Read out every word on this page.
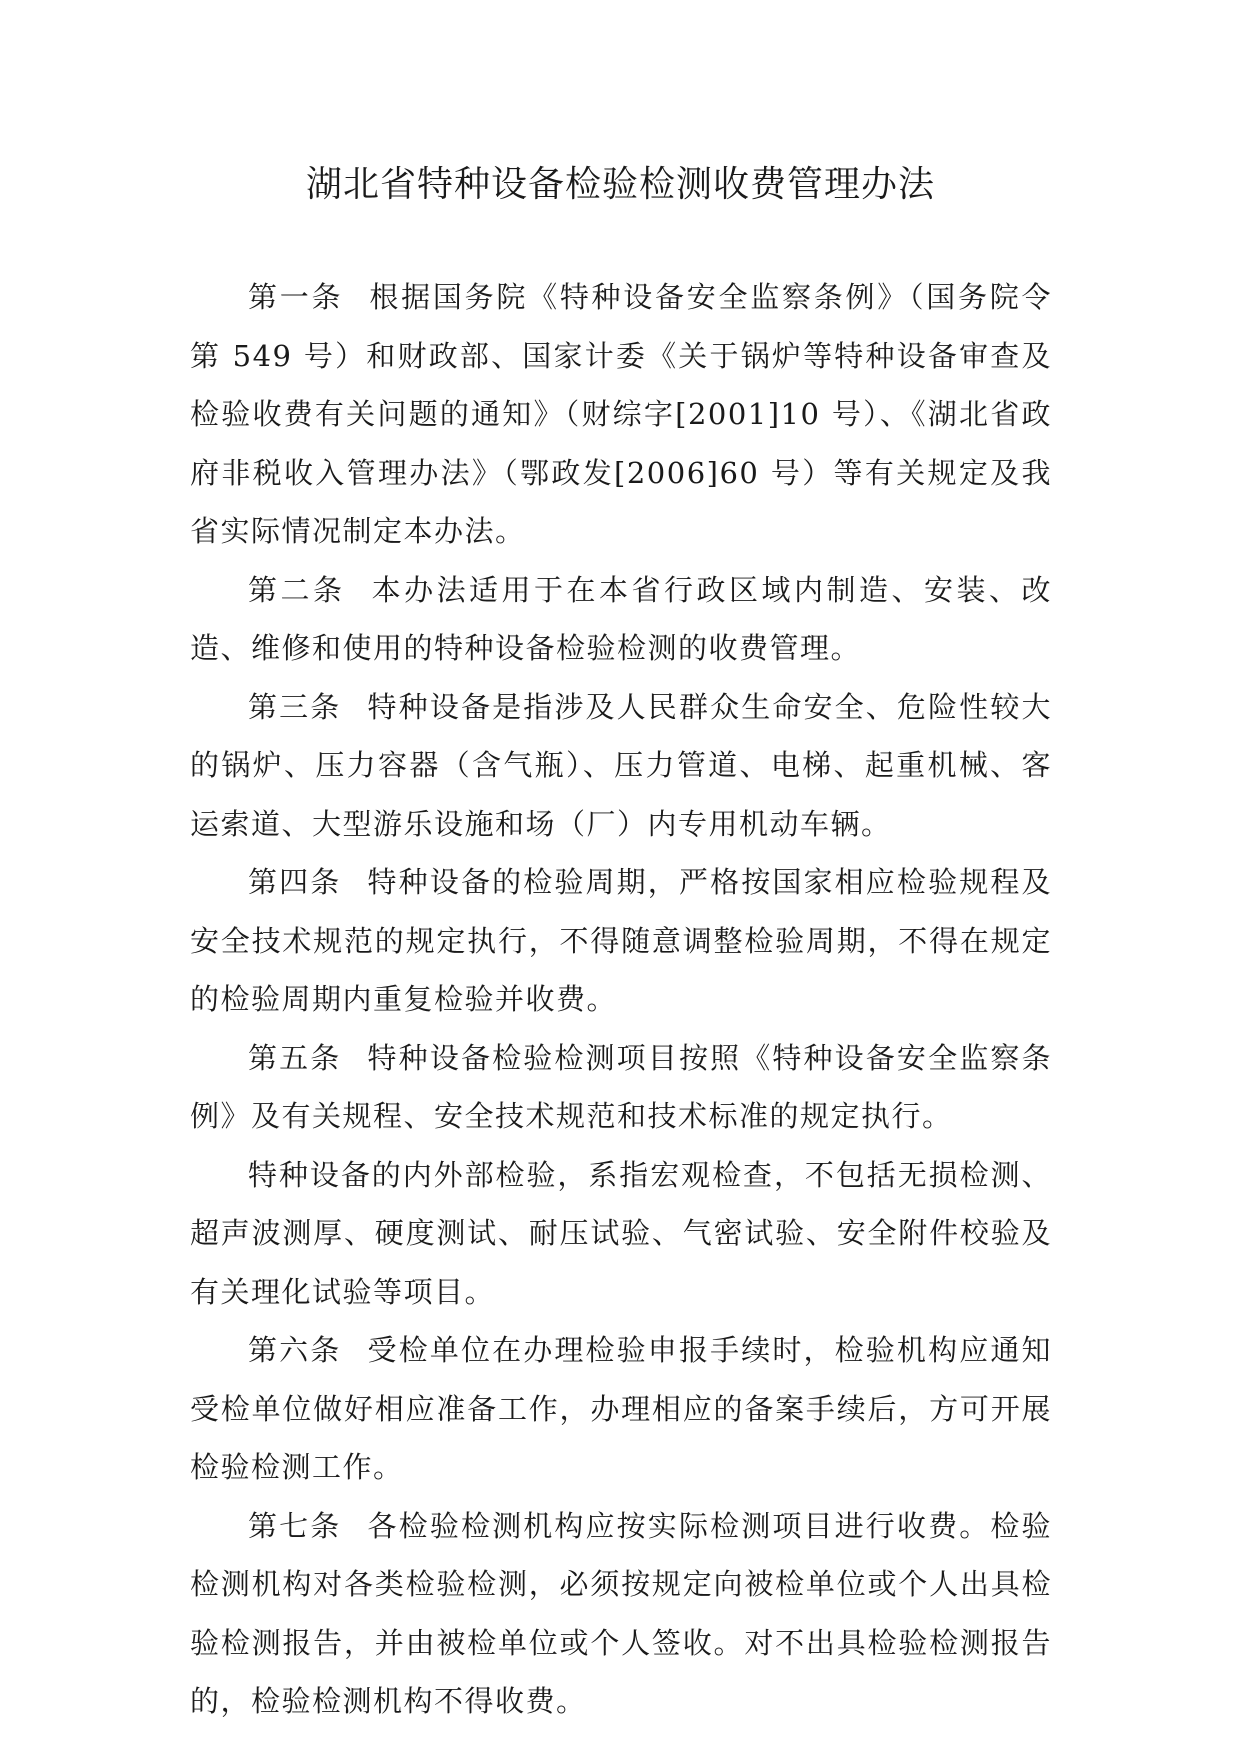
湖北省特种设备检验检测收费管理办法

第一条 根据国务院《特种设备安全监察条例》（国务院令第 549 号）和财政部、国家计委《关于锅炉等特种设备审查及检验收费有关问题的通知》（财综字[2001]10 号）、《湖北省政府非税收入管理办法》（鄂政发[2006]60 号）等有关规定及我省实际情况制定本办法。

第二条 本办法适用于在本省行政区域内制造、安装、改造、维修和使用的特种设备检验检测的收费管理。

第三条 特种设备是指涉及人民群众生命安全、危险性较大的锅炉、压力容器（含气瓶）、压力管道、电梯、起重机械、客运索道、大型游乐设施和场（厂）内专用机动车辆。

第四条 特种设备的检验周期，严格按国家相应检验规程及安全技术规范的规定执行，不得随意调整检验周期，不得在规定的检验周期内重复检验并收费。

第五条 特种设备检验检测项目按照《特种设备安全监察条例》及有关规程、安全技术规范和技术标准的规定执行。

特种设备的内外部检验，系指宏观检查，不包括无损检测、超声波测厚、硬度测试、耐压试验、气密试验、安全附件校验及有关理化试验等项目。

第六条 受检单位在办理检验申报手续时，检验机构应通知受检单位做好相应准备工作，办理相应的备案手续后，方可开展检验检测工作。

第七条 各检验检测机构应按实际检测项目进行收费。检验检测机构对各类检验检测，必须按规定向被检单位或个人出具检验检测报告，并由被检单位或个人签收。对不出具检验检测报告的，检验检测机构不得收费。
